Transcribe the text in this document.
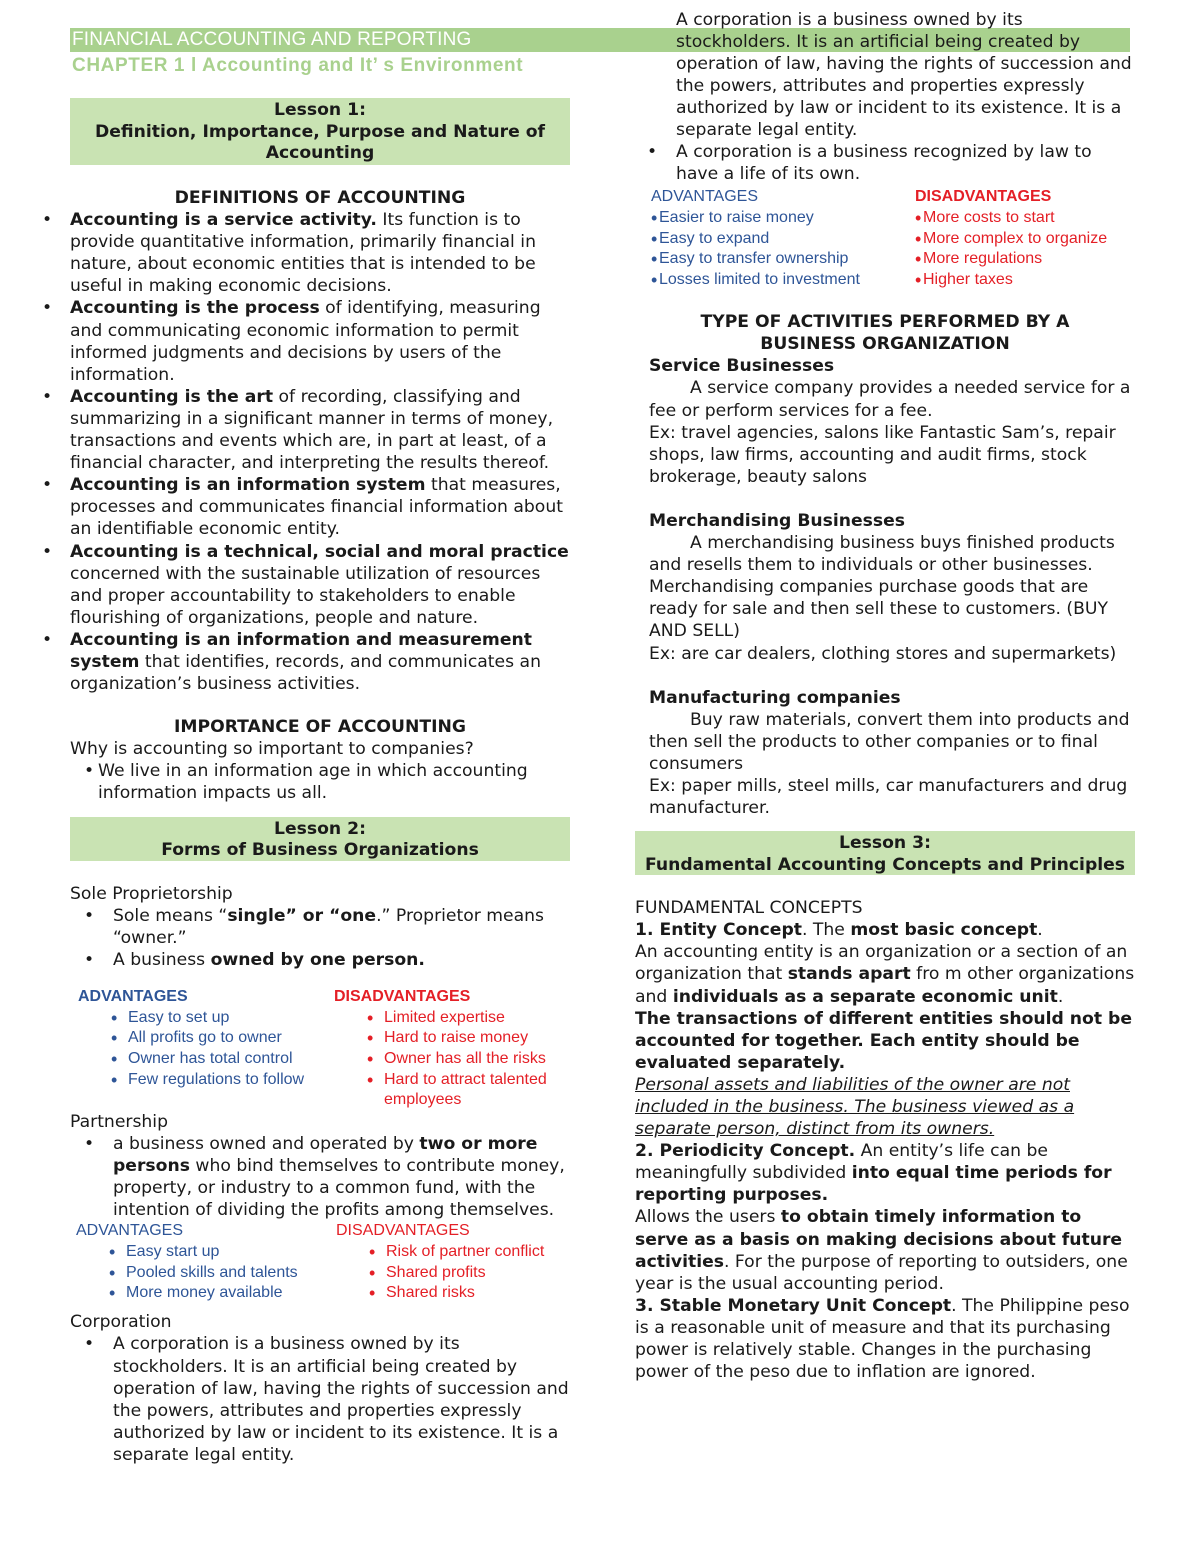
FINANCIAL ACCOUNTING AND REPORTING
CHAPTER 1 l Accounting and It’ s Environment
Lesson 1:
Definition, Importance, Purpose and Nature of Accounting
DEFINITIONS OF ACCOUNTING
• Accounting is a service activity. Its function is to provide quantitative information, primarily financial in nature, about economic entities that is intended to be useful in making economic decisions.
• Accounting is the process of identifying, measuring and communicating economic information to permit informed judgments and decisions by users of the information.
• Accounting is the art of recording, classifying and summarizing in a significant manner in terms of money, transactions and events which are, in part at least, of a financial character, and interpreting the results thereof.
• Accounting is an information system that measures, processes and communicates financial information about an identifiable economic entity.
• Accounting is a technical, social and moral practice concerned with the sustainable utilization of resources and proper accountability to stakeholders to enable flourishing of organizations, people and nature.
• Accounting is an information and measurement system that identifies, records, and communicates an organization’s business activities.
IMPORTANCE OF ACCOUNTING
Why is accounting so important to companies?
• We live in an information age in which accounting information impacts us all.
Lesson 2:
Forms of Business Organizations
Sole Proprietorship
• Sole means “single” or “one.” Proprietor means “owner.”
• A business owned by one person.
ADVANTAGES
• Easy to set up
• All profits go to owner
• Owner has total control
• Few regulations to follow
DISADVANTAGES
• Limited expertise
• Hard to raise money
• Owner has all the risks
• Hard to attract talented employees
Partnership
• a business owned and operated by two or more persons who bind themselves to contribute money, property, or industry to a common fund, with the intention of dividing the profits among themselves.
ADVANTAGES
• Easy start up
• Pooled skills and talents
• More money available
DISADVANTAGES
• Risk of partner conflict
• Shared profits
• Shared risks
Corporation
• A corporation is a business owned by its stockholders. It is an artificial being created by operation of law, having the rights of succession and the powers, attributes and properties expressly authorized by law or incident to its existence. It is a separate legal entity.
A corporation is a business owned by its stockholders. It is an artificial being created by operation of law, having the rights of succession and the powers, attributes and properties expressly authorized by law or incident to its existence. It is a separate legal entity.
• A corporation is a business recognized by law to have a life of its own.
ADVANTAGES
• Easier to raise money
• Easy to expand
• Easy to transfer ownership
• Losses limited to investment
DISADVANTAGES
• More costs to start
• More complex to organize
• More regulations
• Higher taxes
TYPE OF ACTIVITIES PERFORMED BY A BUSINESS ORGANIZATION
Service Businesses
A service company provides a needed service for a fee or perform services for a fee.
Ex: travel agencies, salons like Fantastic Sam’s, repair shops, law firms, accounting and audit firms, stock brokerage, beauty salons
Merchandising Businesses
A merchandising business buys finished products and resells them to individuals or other businesses. Merchandising companies purchase goods that are ready for sale and then sell these to customers. (BUY AND SELL)
Ex: are car dealers, clothing stores and supermarkets)
Manufacturing companies
Buy raw materials, convert them into products and then sell the products to other companies or to final consumers
Ex: paper mills, steel mills, car manufacturers and drug manufacturer.
Lesson 3:
Fundamental Accounting Concepts and Principles
FUNDAMENTAL CONCEPTS
1. Entity Concept. The most basic concept.
An accounting entity is an organization or a section of an organization that stands apart fro m other organizations and individuals as a separate economic unit.
The transactions of different entities should not be accounted for together. Each entity should be evaluated separately.
Personal assets and liabilities of the owner are not included in the business. The business viewed as a separate person, distinct from its owners.
2. Periodicity Concept. An entity’s life can be meaningfully subdivided into equal time periods for reporting purposes.
Allows the users to obtain timely information to serve as a basis on making decisions about future activities. For the purpose of reporting to outsiders, one year is the usual accounting period.
3. Stable Monetary Unit Concept. The Philippine peso is a reasonable unit of measure and that its purchasing power is relatively stable. Changes in the purchasing power of the peso due to inflation are ignored.
